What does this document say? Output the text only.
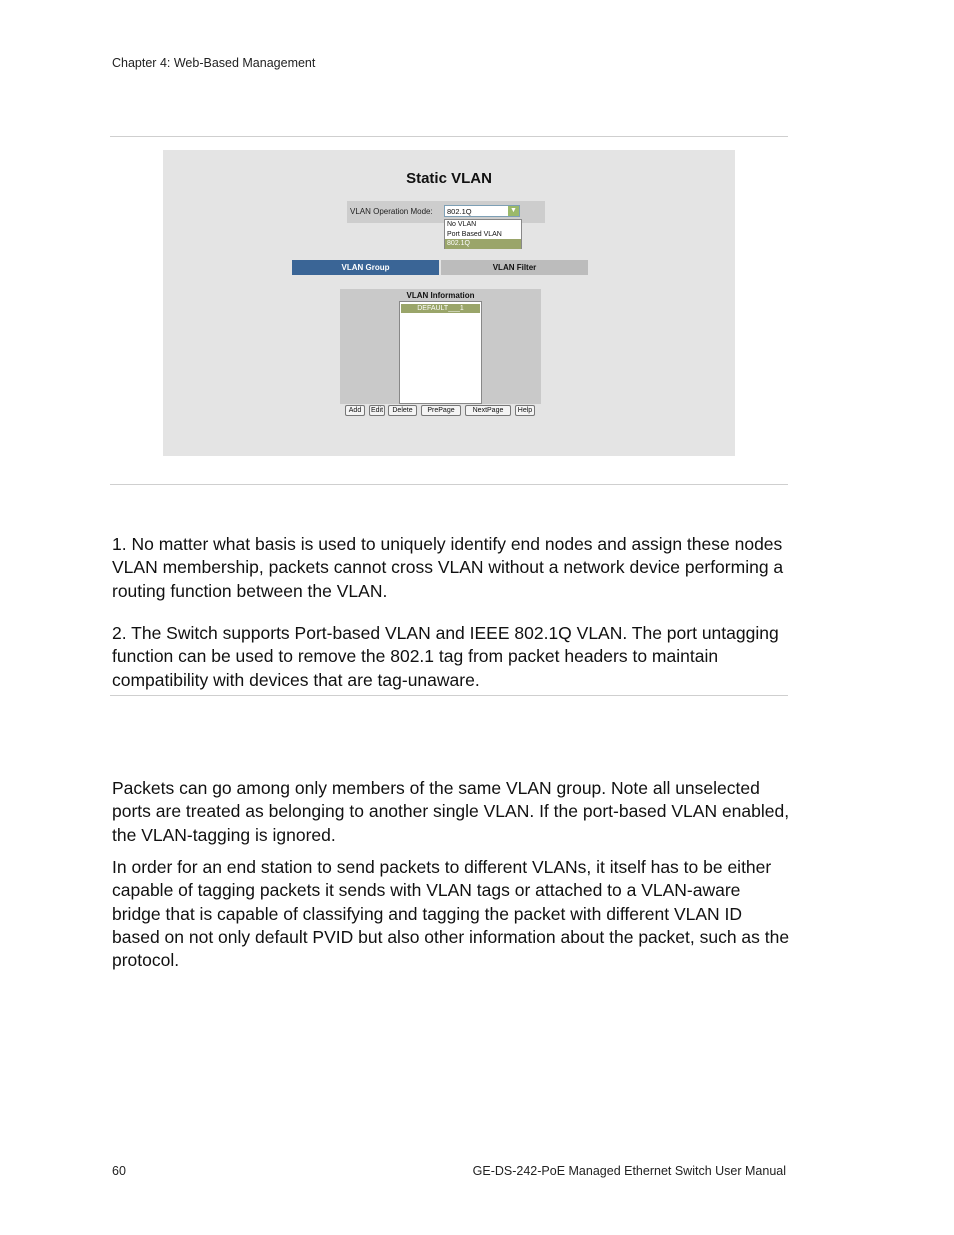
Chapter 4: Web-Based Management
Static VLAN
VLAN Operation Mode:	802.1Q	▼
No VLAN
Port Based VLAN
802.1Q
VLAN Group	VLAN Filter
VLAN Information
DEFAULT___1
Add	Edit	Delete	PrePage	NextPage	Help
1. No matter what basis is used to uniquely identify end nodes and assign these nodes VLAN membership, packets cannot cross VLAN without a network device performing a routing function between the VLAN.
2. The Switch supports Port-based VLAN and IEEE 802.1Q VLAN. The port untagging function can be used to remove the 802.1 tag from packet headers to maintain compatibility with devices that are tag-unaware.
Packets can go among only members of the same VLAN group. Note all unselected ports are treated as belonging to another single VLAN. If the port-based VLAN enabled, the VLAN-tagging is ignored.
In order for an end station to send packets to different VLANs, it itself has to be either capable of tagging packets it sends with VLAN tags or attached to a VLAN-aware bridge that is capable of classifying and tagging the packet with different VLAN ID based on not only default PVID but also other information about the packet, such as the protocol.
60	GE-DS-242-PoE Managed Ethernet Switch User Manual
